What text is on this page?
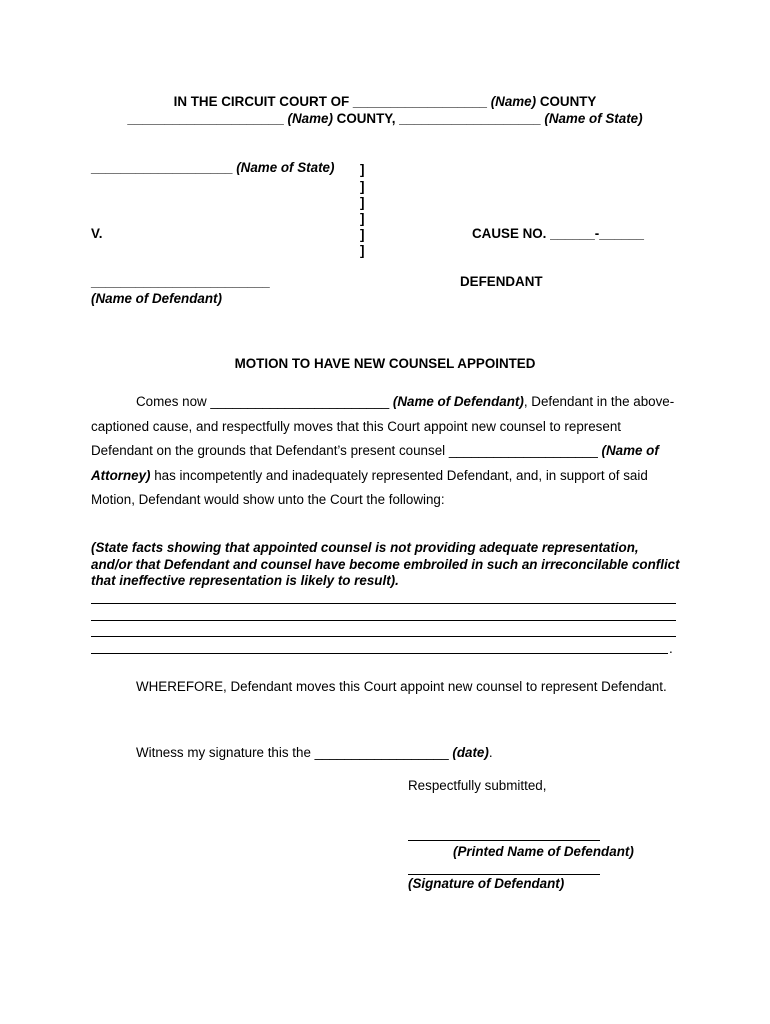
IN THE CIRCUIT COURT OF __________________ (Name) COUNTY
_____________________ (Name) COUNTY, ___________________ (Name of State)
___________________ (Name of State) ]
]
]
]
]
]
V.	CAUSE NO. ______-______
________________________	DEFENDANT
(Name of Defendant)
MOTION TO HAVE NEW COUNSEL APPOINTED
Comes now ________________________ (Name of Defendant), Defendant in the above-captioned cause, and respectfully moves that this Court appoint new counsel to represent Defendant on the grounds that Defendant’s present counsel ____________________ (Name of Attorney) has incompetently and inadequately represented Defendant, and, in support of said Motion, Defendant would show unto the Court the following:
(State facts showing that appointed counsel is not providing adequate representation, and/or that Defendant and counsel have become embroiled in such an irreconcilable conflict that ineffective representation is likely to result).
.
WHEREFORE, Defendant moves this Court appoint new counsel to represent Defendant.
Witness my signature this the __________________ (date).
Respectfully submitted,
(Printed Name of Defendant)
(Signature of Defendant)
